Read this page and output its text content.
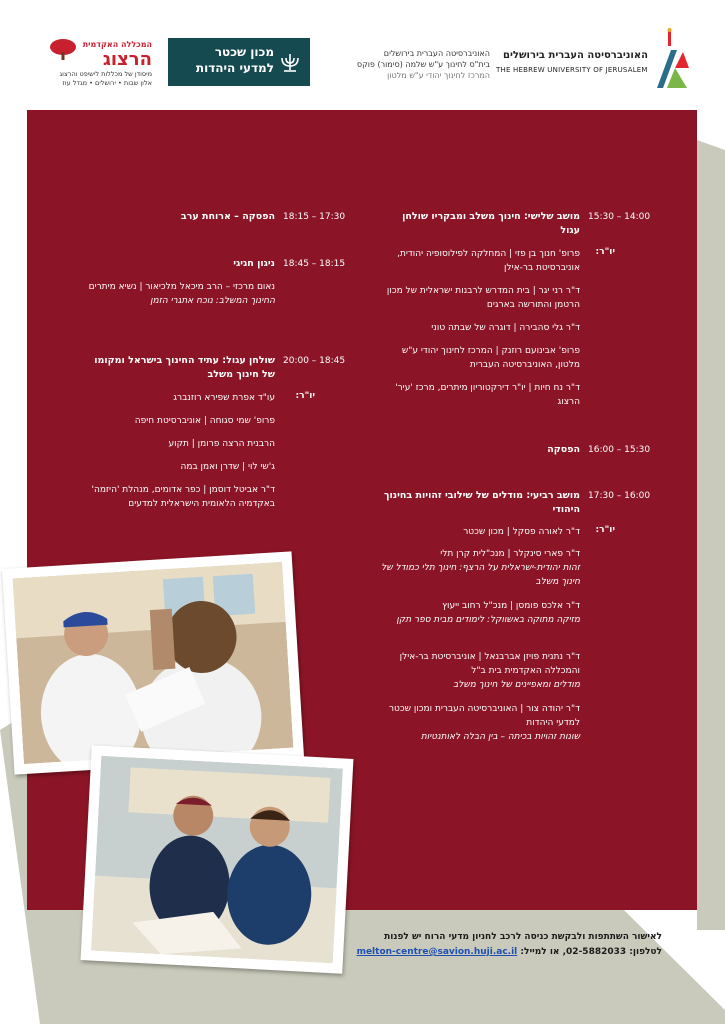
האוניברסיטה העברית בירושלים
THE HEBREW UNIVERSITY OF JERUSALEM
האוניברסיטה העברית בירושלים
בית"ס לחינוך ע"ש שלמה (סימור) פוקס
המרכז לחינוך יהודי ע"ש מלטון
מכון שכטר
למדעי היהדות
המכללה האקדמית
הרצוג
מיסודן של מכללות לישיפט והרצוג
אלון שבות • ירושלים • מגדל עוז
15:30 – 14:00
מושב שלישי: חינוך משלב ומבקריו שולחן עגול
יו"ר:
פרופ' חנוך בן פזי | המחלקה לפילוסופיה יהודית, אוניברסיטת בר-אילן
ד"ר רני יגר | בית המדרש לרבנות ישראלית של מכון הרטמן והתורשה בארגים
ד"ר גלי סהבירה | דוגרה של שבתה טוני
פרופ' אבינועם רוזנק | המרכז לחינוך יהודי ע"ש מלטון, האוניברסיטה העברית
ד"ר נח חיות | יו"ר דירקטוריון מיתרים, מרכז 'עיר' הרצוג
16:00 – 15:30
הפסקה
17:30 – 16:00
מושב רביעי: מודלים של שילובי זהויות בחינוך היהודי
יו"ר:
ד"ר לאורה פסקל | מכון שכטר
ד"ר פארי סינקלר | מנכ"לית קרן תלי
זהות יהודית-ישראלית על הרצף: חינוך תלי כמודל של חינוך משלב
ד"ר אלכס פומסן | מנכ"ל רחוב ייעוץ
מזיקה מתוקה באשווקל: לימודים מבית ספר תקן
ד"ר נתנית פויזן אברבנאל | אוניברסיטת בר-אילן והמכללה האקדמית בית ב"ל
מודלים ומאפיינים של חינוך משלב
ד"ר יהודה צור | האוניברסיטה העברית ומכון שכטר למדעי היהדות
שונות זהויות בכיתה – בין הבלה לאותנטיות
18:15 – 17:30
הפסקה – ארוחת ערב
18:45 – 18:15
ניגון חגיגי
נאום מרכזי – הרב מיכאל מלכיאור | נשיא מיתרים
החינוך המשלב: נוכח אתגרי הזמן
20:00 – 18:45
שולחן עגול: עתיד החינוך בישראל ומקומו של חינוך משלב
יו"ר:
עו"ד אפרת שפירא רוזנברג
פרופ' שמי סגוחה | אוניברסיטת חיפה
הרבנית הרצה פרומן | תקוע
ג'שי לוי | שדרן ואמן במה
ד"ר אביטל דוסמן | כפר אדומים, מנהלת 'היזמה' באקדמיה הלאומית הישראלית למדעים
לאישור השתתפות ולבקשת כניסה לרכב לחניון מדעי הרוח יש לפנות
לטלפון: 02-5882033, או למייל: melton-centre@savion.huji.ac.il
